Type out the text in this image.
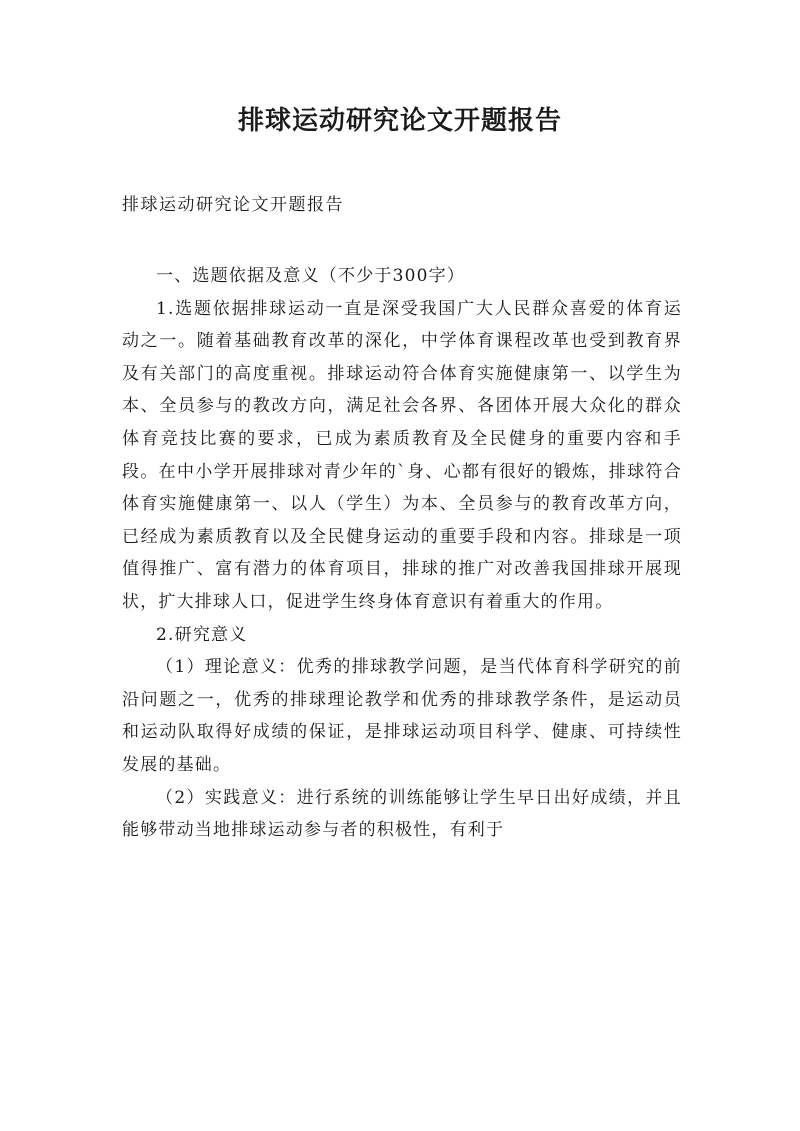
排球运动研究论文开题报告

排球运动研究论文开题报告

一、选题依据及意义（不少于300字）

1.选题依据排球运动一直是深受我国广大人民群众喜爱的体育运动之一。随着基础教育改革的深化，中学体育课程改革也受到教育界及有关部门的高度重视。排球运动符合体育实施健康第一、以学生为本、全员参与的教改方向，满足社会各界、各团体开展大众化的群众体育竞技比赛的要求，已成为素质教育及全民健身的重要内容和手段。在中小学开展排球对青少年的`身、心都有很好的锻炼，排球符合体育实施健康第一、以人（学生）为本、全员参与的教育改革方向，已经成为素质教育以及全民健身运动的重要手段和内容。排球是一项值得推广、富有潜力的体育项目，排球的推广对改善我国排球开展现状，扩大排球人口，促进学生终身体育意识有着重大的作用。

2.研究意义

（1）理论意义：优秀的排球教学问题，是当代体育科学研究的前沿问题之一，优秀的排球理论教学和优秀的排球教学条件，是运动员和运动队取得好成绩的保证，是排球运动项目科学、健康、可持续性发展的基础。

（2）实践意义：进行系统的训练能够让学生早日出好成绩，并且能够带动当地排球运动参与者的积极性，有利于
